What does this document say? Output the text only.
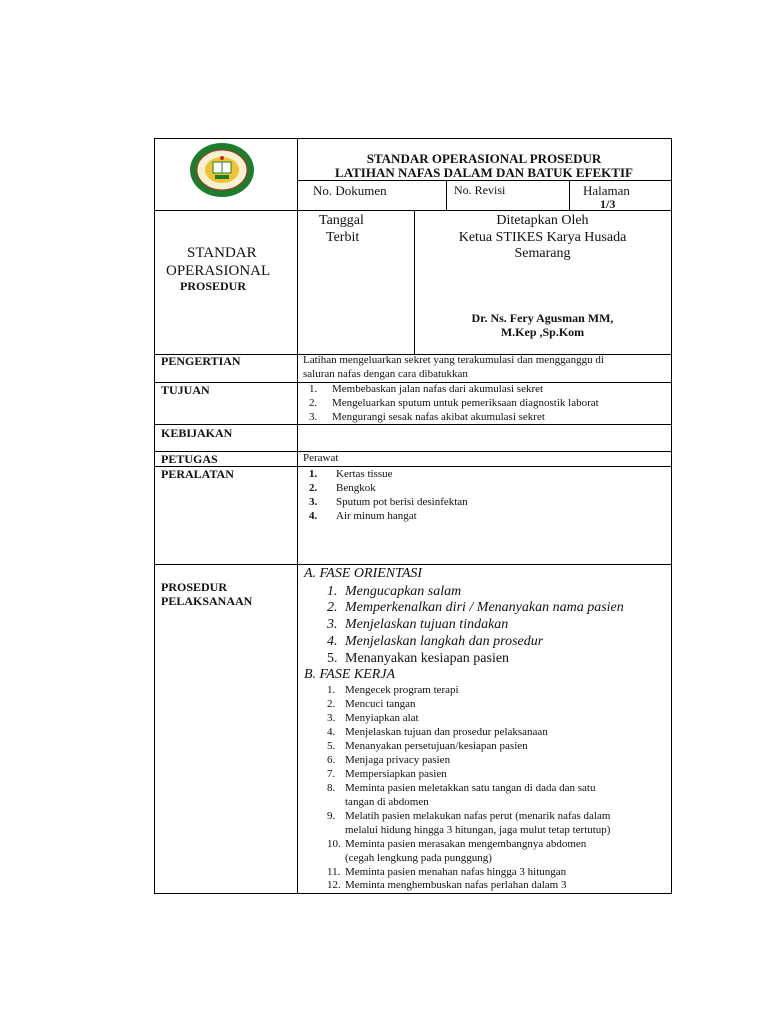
STANDAR OPERASIONAL PROSEDUR
LATIHAN NAFAS DALAM DAN BATUK EFEKTIF
No. Dokumen	No. Revisi	Halaman
1/3
STANDAR
OPERASIONAL
PROSEDUR
Tanggal
Terbit
Ditetapkan Oleh
Ketua STIKES Karya Husada
Semarang
Dr. Ns. Fery Agusman MM,
M.Kep ,Sp.Kom
PENGERTIAN	Latihan mengeluarkan sekret yang terakumulasi dan mengganggu di
saluran nafas dengan cara dibatukkan
TUJUAN	1. Membebaskan jalan nafas dari akumulasi sekret
2. Mengeluarkan sputum untuk pemeriksaan diagnostik laborat
3. Mengurangi sesak nafas akibat akumulasi sekret
KEBIJAKAN
PETUGAS	Perawat
PERALATAN	1. Kertas tissue
2. Bengkok
3. Sputum pot berisi desinfektan
4. Air minum hangat
PROSEDUR
PELAKSANAAN
A. FASE ORIENTASI
1. Mengucapkan salam
2. Memperkenalkan diri / Menanyakan nama pasien
3. Menjelaskan tujuan tindakan
4. Menjelaskan langkah dan prosedur
5. Menanyakan kesiapan pasien
B. FASE KERJA
1. Mengecek program terapi
2. Mencuci tangan
3. Menyiapkan alat
4. Menjelaskan tujuan dan prosedur pelaksanaan
5. Menanyakan persetujuan/kesiapan pasien
6. Menjaga privacy pasien
7. Mempersiapkan pasien
8. Meminta pasien meletakkan satu tangan di dada dan satu
tangan di abdomen
9. Melatih pasien melakukan nafas perut (menarik nafas dalam
melalui hidung hingga 3 hitungan, jaga mulut tetap tertutup)
10. Meminta pasien merasakan mengembangnya abdomen
(cegah lengkung pada punggung)
11. Meminta pasien menahan nafas hingga 3 hitungan
12. Meminta menghembuskan nafas perlahan dalam 3
